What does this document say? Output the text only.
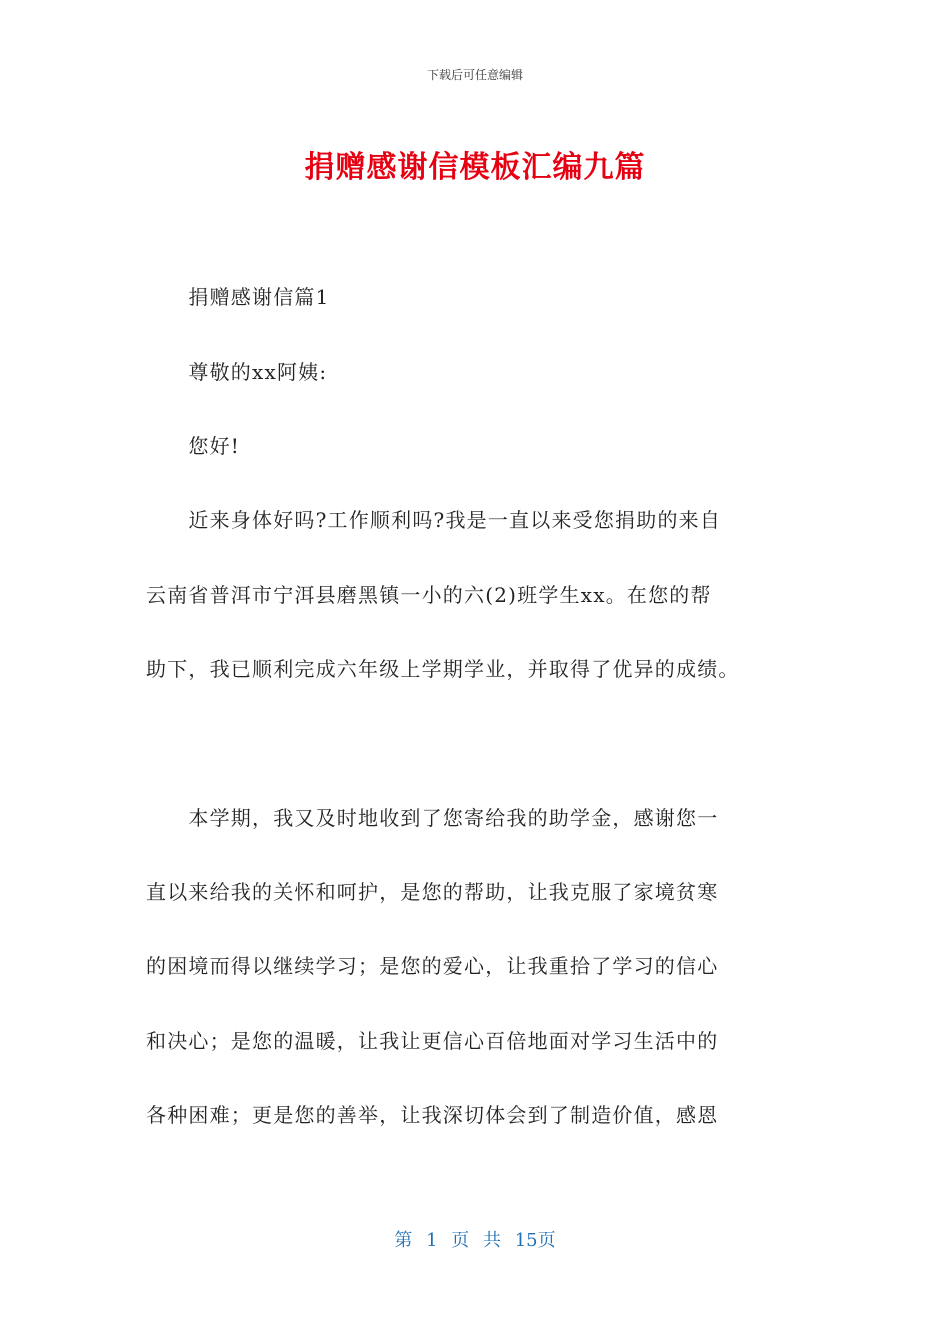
下载后可任意编辑
捐赠感谢信模板汇编九篇
　　捐赠感谢信篇1
　　尊敬的xx阿姨:
　　您好!
　　近来身体好吗?工作顺利吗?我是一直以来受您捐助的来自
云南省普洱市宁洱县磨黑镇一小的六(2)班学生xx。在您的帮
助下，我已顺利完成六年级上学期学业，并取得了优异的成绩。
　　本学期，我又及时地收到了您寄给我的助学金，感谢您一
直以来给我的关怀和呵护，是您的帮助，让我克服了家境贫寒
的困境而得以继续学习；是您的爱心，让我重拾了学习的信心
和决心；是您的温暖，让我让更信心百倍地面对学习生活中的
各种困难；更是您的善举，让我深切体会到了制造价值，感恩
第 1 页 共 15页
